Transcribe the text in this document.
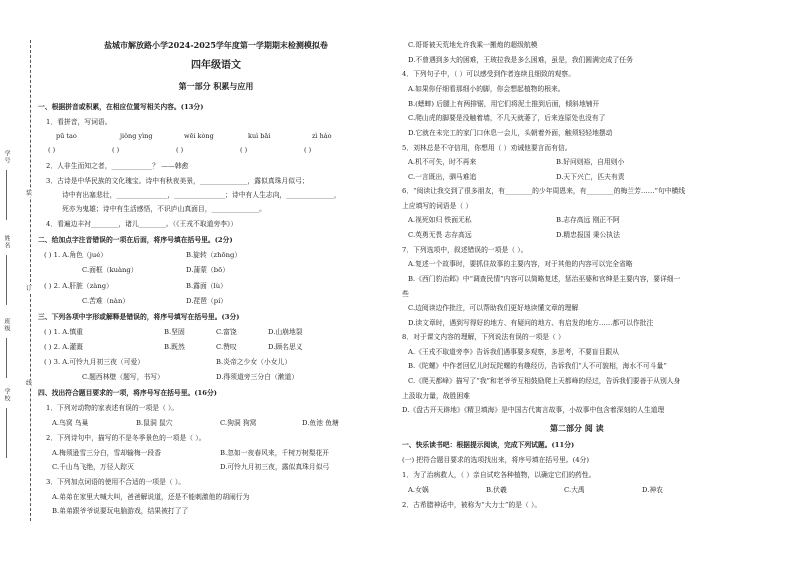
学号
姓名
班级
学校
装
订
线
盐城市解放路小学2024-2025学年度第一学期期末检测模拟卷
四年级语文
第一部分 积累与应用
一、根据拼音或积累，在相应位置写相关内容。(13分)
1．看拼音，写词语。
pū tao	jiǒng yìng	wēi kòng	kuì bāi	zì hào
( )	( )	( )	( )	( )
2．人非生而知之者，____________？ ——韩愈
3．古诗是中华民族的文化瑰宝。诗中有秋夜美景，______________，露似真珠月似弓；
诗中有出塞悲壮，_______________，_______________；诗中有人生志向，______________，
死亦为鬼雄；诗中有生活感悟，不识庐山真面目，______________。
4．看遍边丰衬________，诸儿________。（《王戎不取道旁李》）
二、给加点字注音错误的一项在后面，将序号填在括号里。(2分)
( ) 1. A.角色（jué）	B.旋转（zhōng）
C.面框（kuàng）	D.蒲蒙（bō）
( ) 2. A.肝脏（zàng）	B.露面（lù）
C.苦难（nàn）	D.琵琶（pí）
三、下列各项中字形或解释是错误的，将序号填写在括号里。(3分)
( ) 1. A.慎重	B.坚固	C.富饶	D.山崩地裂
( ) 2. A.灌溉	B.既然	C.赞叹	D.顾名思义
( ) 3. A.可怜九月初三夜（可爱）	B.炎帝之少女（小女儿）
C.题西林壁（题写，书写）	D.得须道旁三分白（漱道）
四、找出符合题目要求的一项，将序号写在括号里。(16分)
1．下列对动物的家表述有误的一项是（ ）。
A.鸟窝 鸟巢	B.鼠洞 鼠穴	C.狗洞 狗窝	D.鱼池 鱼塘
2．下列诗句中，描写的不是冬季景色的一项是（ ）。
A.梅须逊雪三分白，雪却输梅一段香	B.忽如一夜春风来，千树万树梨花开
C.千山鸟飞绝，万径人踪灭	D.可怜九月初三夜，露似真珠月似弓
3．下列加点词语的使用不合适的一项是（ ）。
A.弟弟在家里大喊大叫，爸爸解说道，还是不能刺激他的胡闹行为
B.弟弟跟爷爷说要玩电脑游戏，结果被打了了
C.哥哥被天荒地允许我乘一搬炮的超级航模
D.不曾遇到多大的困难，王玻拉我是多么困难，虽是，我们圆满完成了任务
4．下列句子中，（ ）可以感受到作者连续且细致的观察。
A.如果你仔细看那细小的脚，你会想起植物的根来。
B.(蟋蟀) 后腿上有两排锯，用它们将泥土推到后面，倾斜地铺开
C.爬山虎的脚要是没触着墙，不几天就萎了，后来连原处也没有了
D.它就在未完工的家门口休息一会儿，头朝着外面，触须轻轻地摆动
5．刘林总是不守信用，你想用（ ）劝诫他要言而有信。
A.机不可失，时不再来	B.好问则裕，自用则小
C.一言既出，驷马难追	D.天下兴亡，匹夫有责
6．“阅读让我交到了很多朋友，有________的少年周恩来，有________的梅兰芳……”句中横线
上应填写的词语是（ ）
A.视死如归 铁面无私	B.志存高远 刚正不阿
C.英勇无畏 志存高远	D.精忠报国 秉公执法
7．下列选项中，叙述错误的一项是（ ）。
A.复述一个故事时，要抓住故事的主要内容，对于其他的内容可以完全省略
B.《西门豹治邺》中“调查民情”内容可以简略复述，惩治巫婆和官绅是主要内容，要详细一
些
C.边阅读边作批注，可以帮助我们更好地读懂文章的理解
D.读文章时，遇到写得好的地方、有疑问的地方、有启发的地方……都可以作批注
8．对于课文内容的理解，下列说法有误的一项是（ ）
A.《王戎不取道旁李》告诉我们遇事要多观察，多思考，不要盲目跟从
B.《陀螺》中作者回忆儿时玩陀螺的有趣经历，告诉我们“人不可貌相，海水不可斗量”
C.《爬天都峰》描写了“我”和老爷爷互相鼓励爬上天都峰的经过，告诉我们要善于从别人身
上汲取力量，战胜困难
D.《盘古开天辟地》《精卫填海》是中国古代寓言故事，小故事中包含着深刻的人生道理
第二部分 阅 读
一、快乐读书吧：根据提示阅读，完成下列试题。(11分)
(一) 把符合题目要求的选项找出来，将序号填在括号里。(4分)
1．为了治病救人，（ ）亲自试吃各种植物，以确定它们的药性。
A.女娲	B.伏羲	C.大禹	D.神农
2．古希腊神话中，被称为“大力士”的是（ ）。
